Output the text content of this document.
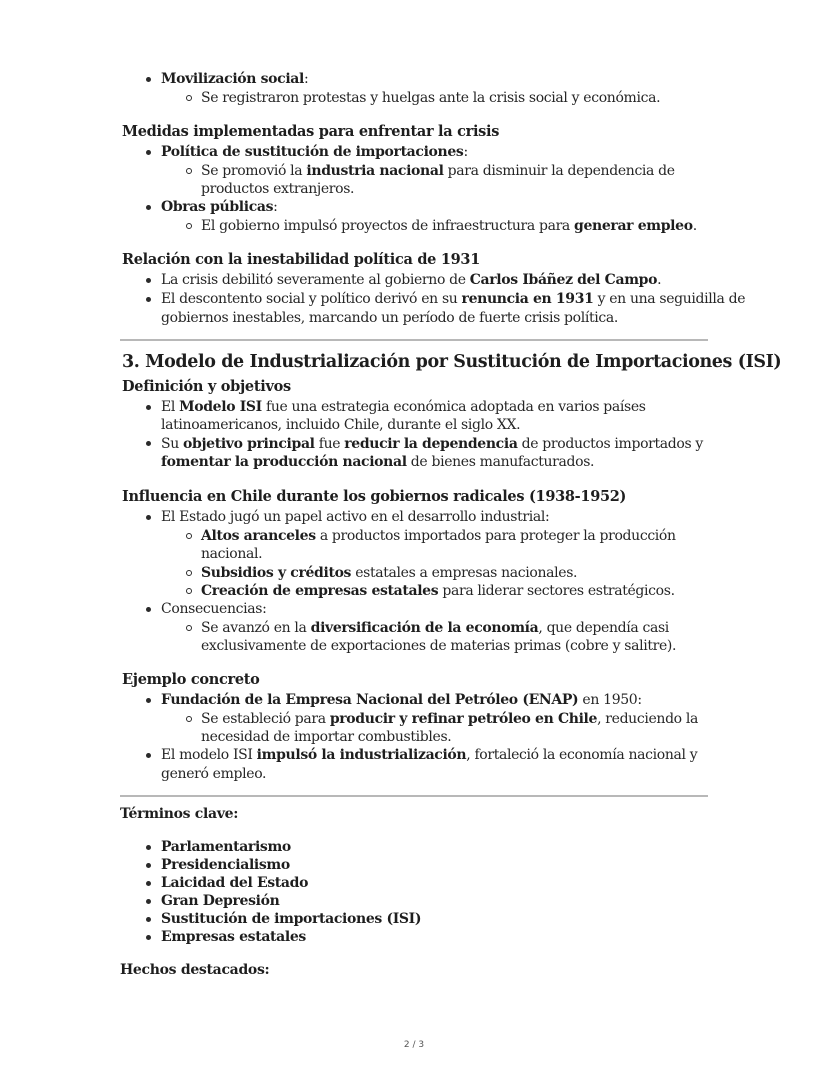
Movilización social:
Se registraron protestas y huelgas ante la crisis social y económica.
Medidas implementadas para enfrentar la crisis
Política de sustitución de importaciones:
Se promovió la industria nacional para disminuir la dependencia de
productos extranjeros.
Obras públicas:
El gobierno impulsó proyectos de infraestructura para generar empleo.
Relación con la inestabilidad política de 1931
La crisis debilitó severamente al gobierno de Carlos Ibáñez del Campo.
El descontento social y político derivó en su renuncia en 1931 y en una seguidilla de
gobiernos inestables, marcando un período de fuerte crisis política.
3. Modelo de Industrialización por Sustitución de Importaciones (ISI)
Definición y objetivos
El Modelo ISI fue una estrategia económica adoptada en varios países
latinoamericanos, incluido Chile, durante el siglo XX.
Su objetivo principal fue reducir la dependencia de productos importados y
fomentar la producción nacional de bienes manufacturados.
Influencia en Chile durante los gobiernos radicales (1938-1952)
El Estado jugó un papel activo en el desarrollo industrial:
Altos aranceles a productos importados para proteger la producción
nacional.
Subsidios y créditos estatales a empresas nacionales.
Creación de empresas estatales para liderar sectores estratégicos.
Consecuencias:
Se avanzó en la diversificación de la economía, que dependía casi
exclusivamente de exportaciones de materias primas (cobre y salitre).
Ejemplo concreto
Fundación de la Empresa Nacional del Petróleo (ENAP) en 1950:
Se estableció para producir y refinar petróleo en Chile, reduciendo la
necesidad de importar combustibles.
El modelo ISI impulsó la industrialización, fortaleció la economía nacional y
generó empleo.
Términos clave:
Parlamentarismo
Presidencialismo
Laicidad del Estado
Gran Depresión
Sustitución de importaciones (ISI)
Empresas estatales
Hechos destacados:
2 / 3
